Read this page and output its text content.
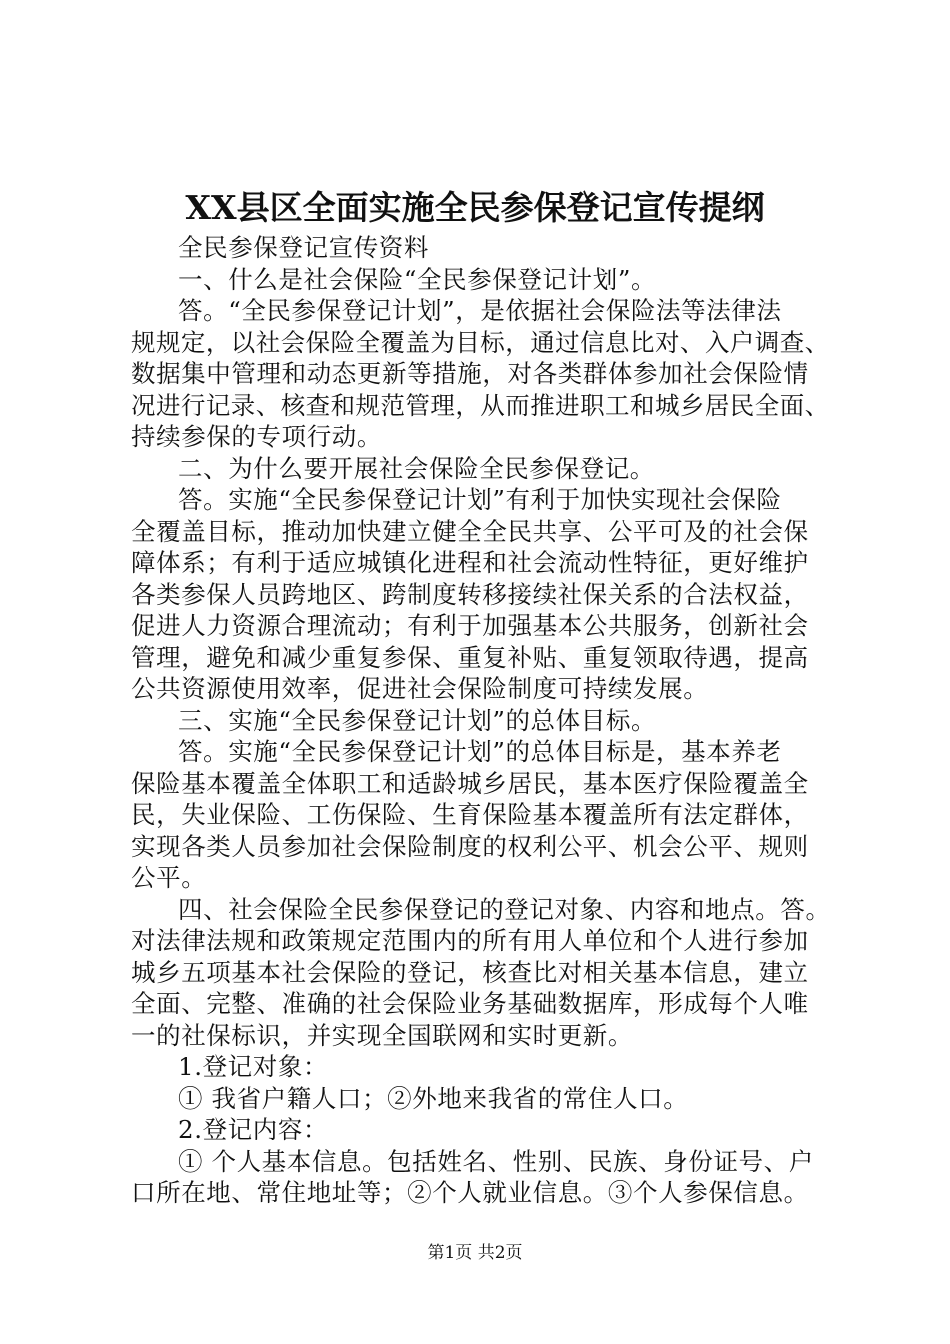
XX县区全面实施全民参保登记宣传提纲
全民参保登记宣传资料
一、什么是社会保险“全民参保登记计划”。
答。“全民参保登记计划”，是依据社会保险法等法律法
规规定，以社会保险全覆盖为目标，通过信息比对、入户调查、
数据集中管理和动态更新等措施，对各类群体参加社会保险情
况进行记录、核查和规范管理，从而推进职工和城乡居民全面、
持续参保的专项行动。
二、为什么要开展社会保险全民参保登记。
答。实施“全民参保登记计划”有利于加快实现社会保险
全覆盖目标，推动加快建立健全全民共享、公平可及的社会保
障体系；有利于适应城镇化进程和社会流动性特征，更好维护
各类参保人员跨地区、跨制度转移接续社保关系的合法权益，
促进人力资源合理流动；有利于加强基本公共服务，创新社会
管理，避免和减少重复参保、重复补贴、重复领取待遇，提高
公共资源使用效率，促进社会保险制度可持续发展。
三、实施“全民参保登记计划”的总体目标。
答。实施“全民参保登记计划”的总体目标是，基本养老
保险基本覆盖全体职工和适龄城乡居民，基本医疗保险覆盖全
民，失业保险、工伤保险、生育保险基本覆盖所有法定群体，
实现各类人员参加社会保险制度的权利公平、机会公平、规则
公平。
四、社会保险全民参保登记的登记对象、内容和地点。答。
对法律法规和政策规定范围内的所有用人单位和个人进行参加
城乡五项基本社会保险的登记，核查比对相关基本信息，建立
全面、完整、准确的社会保险业务基础数据库，形成每个人唯
一的社保标识，并实现全国联网和实时更新。
1.登记对象：
① 我省户籍人口；②外地来我省的常住人口。
2.登记内容：
① 个人基本信息。包括姓名、性别、民族、身份证号、户
口所在地、常住地址等；②个人就业信息。③个人参保信息。
第1页 共2页
